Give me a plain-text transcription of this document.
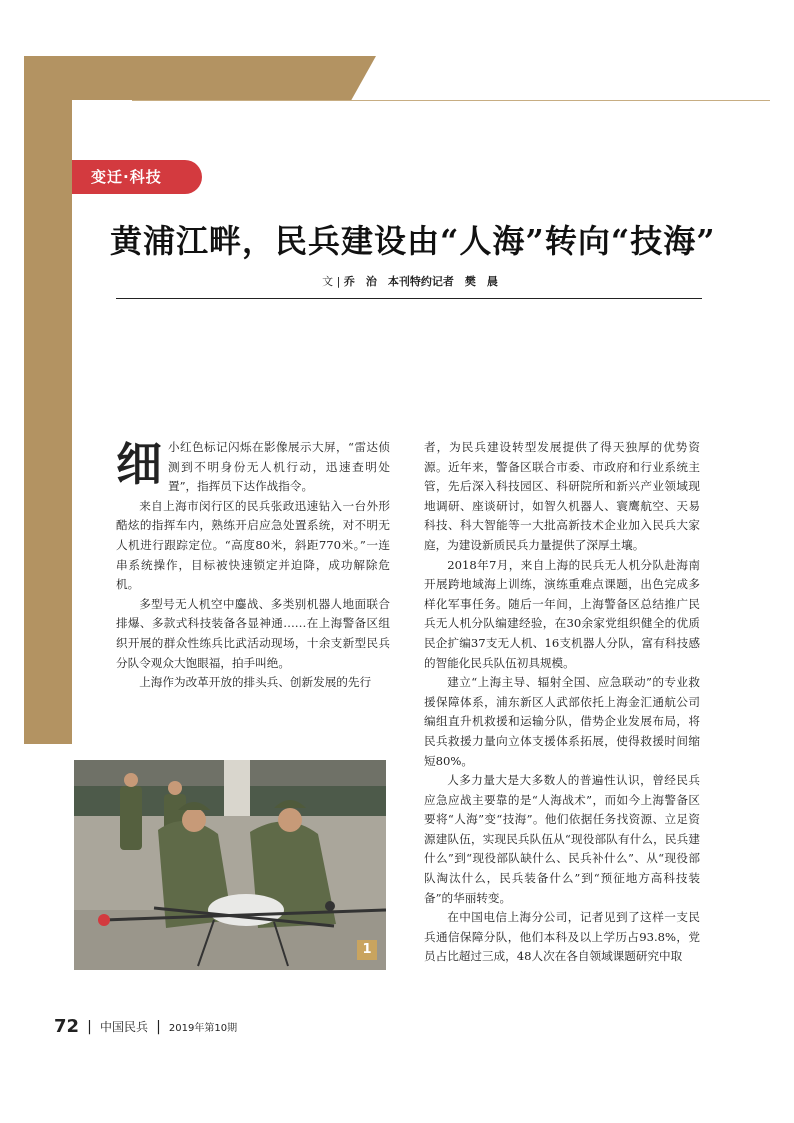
变迁·科技
黄浦江畔，民兵建设由“人海”转向“技海”
文 | 乔　治　本刊特约记者　樊　晨

细小红色标记闪烁在影像展示大屏，“雷达侦测到不明身份无人机行动，迅速查明处置”，指挥员下达作战指令。

来自上海市闵行区的民兵张政迅速钻入一台外形酷炫的指挥车内，熟练开启应急处置系统，对不明无人机进行跟踪定位。“高度80米，斜距770米。”一连串系统操作，目标被快速锁定并迫降，成功解除危机。

多型号无人机空中鏖战、多类别机器人地面联合排爆、多款式科技装备各显神通……在上海警备区组织开展的群众性练兵比武活动现场，十余支新型民兵分队令观众大饱眼福，拍手叫绝。

上海作为改革开放的排头兵、创新发展的先行

者，为民兵建设转型发展提供了得天独厚的优势资源。近年来，警备区联合市委、市政府和行业系统主管，先后深入科技园区、科研院所和新兴产业领域现地调研、座谈研讨，如智久机器人、寰鹰航空、天易科技、科大智能等一大批高新技术企业加入民兵大家庭，为建设新质民兵力量提供了深厚土壤。

2018年7月，来自上海的民兵无人机分队赴海南开展跨地域海上训练，演练重难点课题，出色完成多样化军事任务。随后一年间，上海警备区总结推广民兵无人机分队编建经验，在30余家党组织健全的优质民企扩编37支无人机、16支机器人分队，富有科技感的智能化民兵队伍初具规模。

建立“上海主导、辐射全国、应急联动”的专业救援保障体系，浦东新区人武部依托上海金汇通航公司编组直升机救援和运输分队，借势企业发展布局，将民兵救援力量向立体支援体系拓展，使得救援时间缩短80%。

人多力量大是大多数人的普遍性认识，曾经民兵应急应战主要靠的是“人海战术”，而如今上海警备区要将“人海”变“技海”。他们依据任务找资源、立足资源建队伍，实现民兵队伍从“现役部队有什么，民兵建什么”到“现役部队缺什么、民兵补什么”、从“现役部队淘汰什么，民兵装备什么”到“预征地方高科技装备”的华丽转变。

在中国电信上海分公司，记者见到了这样一支民兵通信保障分队，他们本科及以上学历占93.8%，党员占比超过三成，48人次在各自领域课题研究中取

1
72 | 中国民兵 | 2019年第10期
